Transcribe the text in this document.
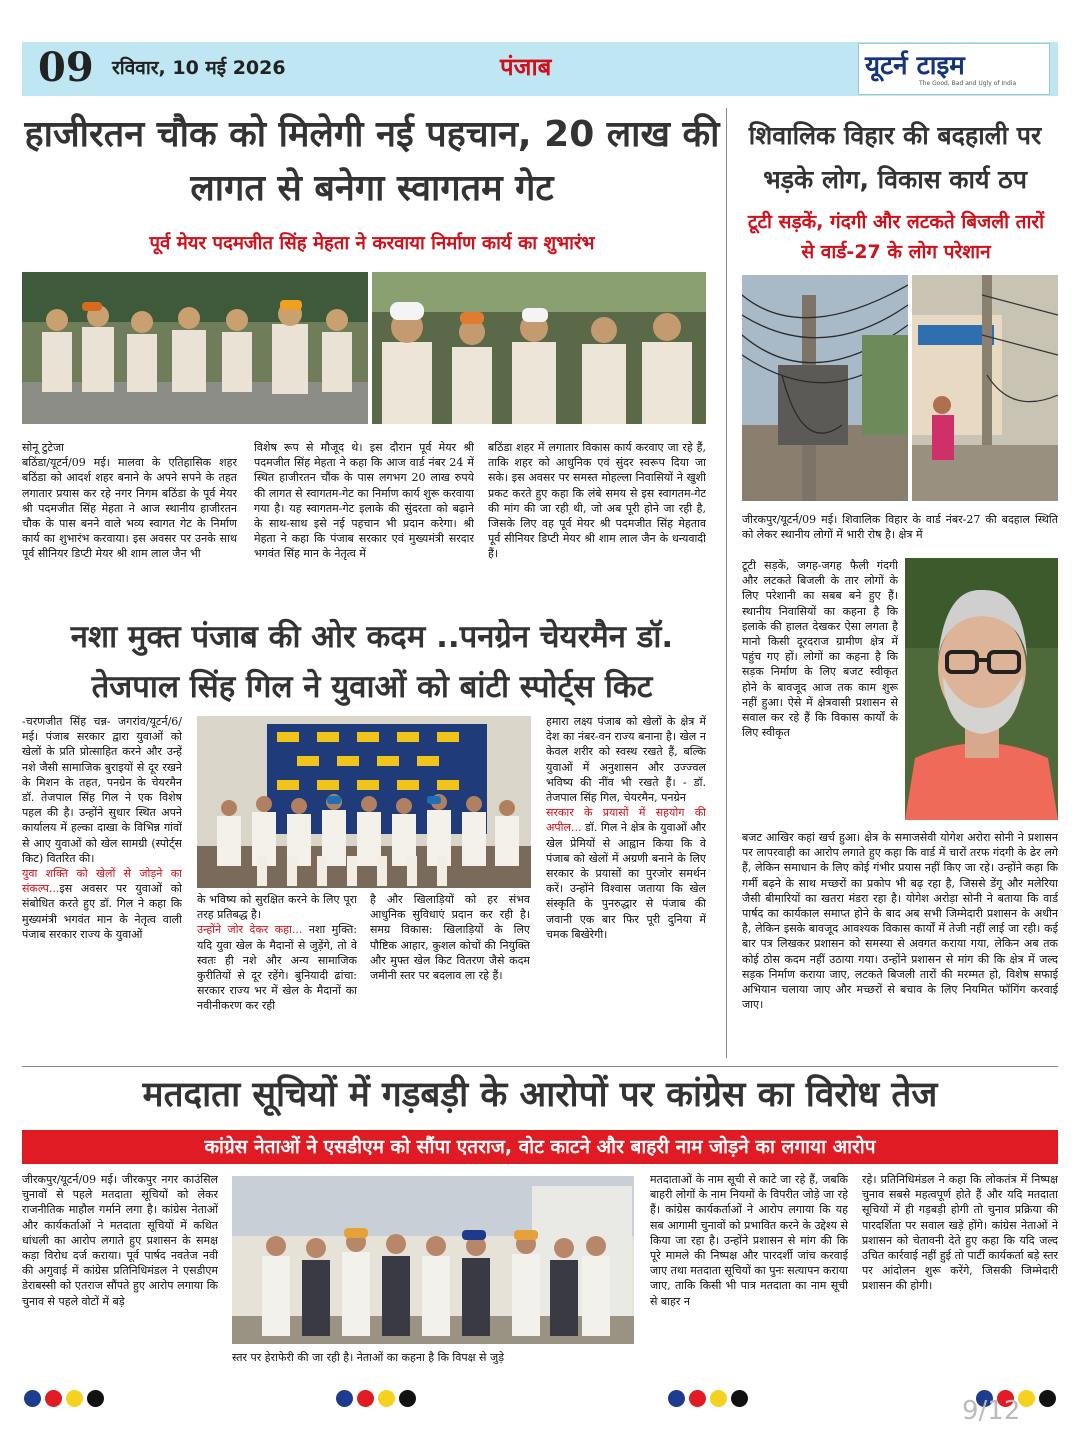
09 रविवार, 10 मई 2026	पंजाब	यूटर्न टाइम
The Good, Bad and Ugly of India
हाजीरतन चौक को मिलेगी नई पहचान, 20 लाख की लागत से बनेगा स्वागतम गेट
पूर्व मेयर पदमजीत सिंह मेहता ने करवाया निर्माण कार्य का शुभारंभ

सोनू टुटेजा

बठिंडा/यूटर्न/09 मई। मालवा के एतिहासिक शहर बठिंडा को आदर्श शहर बनाने के अपने सपने के तहत लगातार प्रयास कर रहे नगर निगम बठिंडा के पूर्व मेयर श्री पदमजीत सिंह मेहता ने आज स्थानीय हाजीरतन चौक के पास बनने वाले भव्य स्वागत गेट के निर्माण कार्य का शुभारंभ करवाया। इस अवसर पर उनके साथ पूर्व सीनियर डिप्टी मेयर श्री शाम लाल जैन भी

विशेष रूप से मौजूद थे। इस दौरान पूर्व मेयर श्री पदमजीत सिंह मेहता ने कहा कि आज वार्ड नंबर 24 में स्थित हाजीरतन चौंक के पास लगभग 20 लाख रुपये की लागत से स्वागतम-गेट का निर्माण कार्य शुरू करवाया गया है। यह स्वागतम-गेट इलाके की सुंदरता को बढ़ाने के साथ-साथ इसे नई पहचान भी प्रदान करेगा। श्री मेहता ने कहा कि पंजाब सरकार एवं मुख्यमंत्री सरदार भगवंत सिंह मान के नेतृत्व में
बठिंडा शहर में लगातार विकास कार्य करवाए जा रहे हैं, ताकि शहर को आधुनिक एवं सुंदर स्वरूप दिया जा सके। इस अवसर पर समस्त मोहल्ला निवासियों ने खुशी प्रकट करते हुए कहा कि लंबे समय से इस स्वागतम-गेट की मांग की जा रही थी, जो अब पूरी होने जा रही है, जिसके लिए वह पूर्व मेयर श्री पदमजीत सिंह मेहताव पूर्व सीनियर डिप्टी मेयर श्री शाम लाल जैन के धन्यवादी हैं।
शिवालिक विहार की बदहाली पर भड़के लोग, विकास कार्य ठप
टूटी सड़कें, गंदगी और लटकते बिजली तारों से वार्ड-27 के लोग परेशान
जीरकपुर/यूटर्न/09 मई। शिवालिक विहार के वार्ड नंबर-27 की बदहाल स्थिति को लेकर स्थानीय लोगों में भारी रोष है। क्षेत्र में
टूटी सड़कें, जगह-जगह फैली गंदगी और लटकते बिजली के तार लोगों के लिए परेशानी का सबब बने हुए हैं। स्थानीय निवासियों का कहना है कि इलाके की हालत देखकर ऐसा लगता है मानो किसी दूरदराज ग्रामीण क्षेत्र में पहुंच गए हों। लोगों का कहना है कि सड़क निर्माण के लिए बजट स्वीकृत होने के बावजूद आज तक काम शुरू नहीं हुआ। ऐसे में क्षेत्रवासी प्रशासन से सवाल कर रहे हैं कि विकास कार्यों के लिए स्वीकृत
बजट आखिर कहां खर्च हुआ। क्षेत्र के समाजसेवी योगेश अरोरा सोनी ने प्रशासन पर लापरवाही का आरोप लगाते हुए कहा कि वार्ड में चारों तरफ गंदगी के ढेर लगे हैं, लेकिन समाधान के लिए कोई गंभीर प्रयास नहीं किए जा रहे। उन्होंने कहा कि गर्मी बढ़ने के साथ मच्छरों का प्रकोप भी बढ़ रहा है, जिससे डेंगू और मलेरिया जैसी बीमारियों का खतरा मंडरा रहा है। योगेश अरोड़ा सोनी ने बताया कि वार्ड पार्षद का कार्यकाल समाप्त होने के बाद अब सभी जिम्मेदारी प्रशासन के अधीन है, लेकिन इसके बावजूद आवश्यक विकास कार्यों में तेजी नहीं लाई जा रही। कई बार पत्र लिखकर प्रशासन को समस्या से अवगत कराया गया, लेकिन अब तक कोई ठोस कदम नहीं उठाया गया। उन्होंने प्रशासन से मांग की कि क्षेत्र में जल्द सड़क निर्माण कराया जाए, लटकते बिजली तारों की मरम्मत हो, विशेष सफाई अभियान चलाया जाए और मच्छरों से बचाव के लिए नियमित फॉगिंग करवाई जाए।
नशा मुक्त पंजाब की ओर कदम ..पनग्रेन चेयरमैन डॉ. तेजपाल सिंह गिल ने युवाओं को बांटी स्पोर्ट्स किट

-चरणजीत सिंह चन्न- जगरांव/यूटर्न/6/मई। पंजाब सरकार द्वारा युवाओं को खेलों के प्रति प्रोत्साहित करने और उन्हें नशे जैसी सामाजिक बुराइयों से दूर रखने के मिशन के तहत, पनग्रेन के चेयरमैन डॉ. तेजपाल सिंह गिल ने एक विशेष पहल की है। उन्होंने सुधार स्थित अपने कार्यालय में हल्का दाखा के विभिन्न गांवों से आए युवाओं को खेल सामग्री (स्पोर्ट्स किट) वितरित की।

युवा शक्ति को खेलों से जोड़ने का संकल्प...इस अवसर पर युवाओं को संबोधित करते हुए डॉ. गिल ने कहा कि मुख्यमंत्री भगवंत मान के नेतृत्व वाली पंजाब सरकार राज्य के युवाओं

के भविष्य को सुरक्षित करने के लिए पूरा तरह प्रतिबद्ध है।

उन्होंने जोर देकर कहा... नशा मुक्ति: यदि युवा खेल के मैदानों से जुड़ेंगे, तो वे स्वतः ही नशे और अन्य सामाजिक कुरीतियों से दूर रहेंगे। बुनियादी ढांचा: सरकार राज्य भर में खेल के मैदानों का नवीनीकरण कर रही

है और खिलाड़ियों को हर संभव आधुनिक सुविधाएं प्रदान कर रही है। समग्र विकास: खिलाड़ियों के लिए पौष्टिक आहार, कुशल कोचों की नियुक्ति और मुफ्त खेल किट वितरण जैसे कदम जमीनी स्तर पर बदलाव ला रहे हैं।

हमारा लक्ष्य पंजाब को खेलों के क्षेत्र में देश का नंबर-वन राज्य बनाना है। खेल न केवल शरीर को स्वस्थ रखते हैं, बल्कि युवाओं में अनुशासन और उज्ज्वल भविष्य की नींव भी रखते हैं। - डॉ. तेजपाल सिंह गिल, चेयरमैन, पनग्रेन

सरकार के प्रयासों में सहयोग की अपील... डॉ. गिल ने क्षेत्र के युवाओं और खेल प्रेमियों से आह्वान किया कि वे पंजाब को खेलों में अग्रणी बनाने के लिए सरकार के प्रयासों का पुरजोर समर्थन करें। उन्होंने विश्वास जताया कि खेल संस्कृति के पुनरुद्धार से पंजाब की जवानी एक बार फिर पूरी दुनिया में चमक बिखेरेगी।

मतदाता सूचियों में गड़बड़ी के आरोपों पर कांग्रेस का विरोध तेज
कांग्रेस नेताओं ने एसडीएम को सौंपा एतराज, वोट काटने और बाहरी नाम जोड़ने का लगाया आरोप
जीरकपुर/यूटर्न/09 मई। जीरकपुर नगर काउंसिल चुनावों से पहले मतदाता सूचियों को लेकर राजनीतिक माहौल गर्माने लगा है। कांग्रेस नेताओं और कार्यकर्ताओं ने मतदाता सूचियों में कथित धांधली का आरोप लगाते हुए प्रशासन के समक्ष कड़ा विरोध दर्ज कराया। पूर्व पार्षद नवतेज नवी की अगुवाई में कांग्रेस प्रतिनिधिमंडल ने एसडीएम डेराबस्सी को एतराज सौंपते हुए आरोप लगाया कि चुनाव से पहले वोटों में बड़े
स्तर पर हेराफेरी की जा रही है। नेताओं का कहना है कि विपक्ष से जुड़े
मतदाताओं के नाम सूची से काटे जा रहे हैं, जबकि बाहरी लोगों के नाम नियमों के विपरीत जोड़े जा रहे हैं। कांग्रेस कार्यकर्ताओं ने आरोप लगाया कि यह सब आगामी चुनावों को प्रभावित करने के उद्देश्य से किया जा रहा है। उन्होंने प्रशासन से मांग की कि पूरे मामले की निष्पक्ष और पारदर्शी जांच करवाई जाए तथा मतदाता सूचियों का पुनः सत्यापन कराया जाए, ताकि किसी भी पात्र मतदाता का नाम सूची से बाहर न
रहे। प्रतिनिधिमंडल ने कहा कि लोकतंत्र में निष्पक्ष चुनाव सबसे महत्वपूर्ण होते हैं और यदि मतदाता सूचियों में ही गड़बड़ी होगी तो चुनाव प्रक्रिया की पारदर्शिता पर सवाल खड़े होंगे। कांग्रेस नेताओं ने प्रशासन को चेतावनी देते हुए कहा कि यदि जल्द उचित कार्रवाई नहीं हुई तो पार्टी कार्यकर्ता बड़े स्तर पर आंदोलन शुरू करेंगे, जिसकी जिम्मेदारी प्रशासन की होगी।
9/12
